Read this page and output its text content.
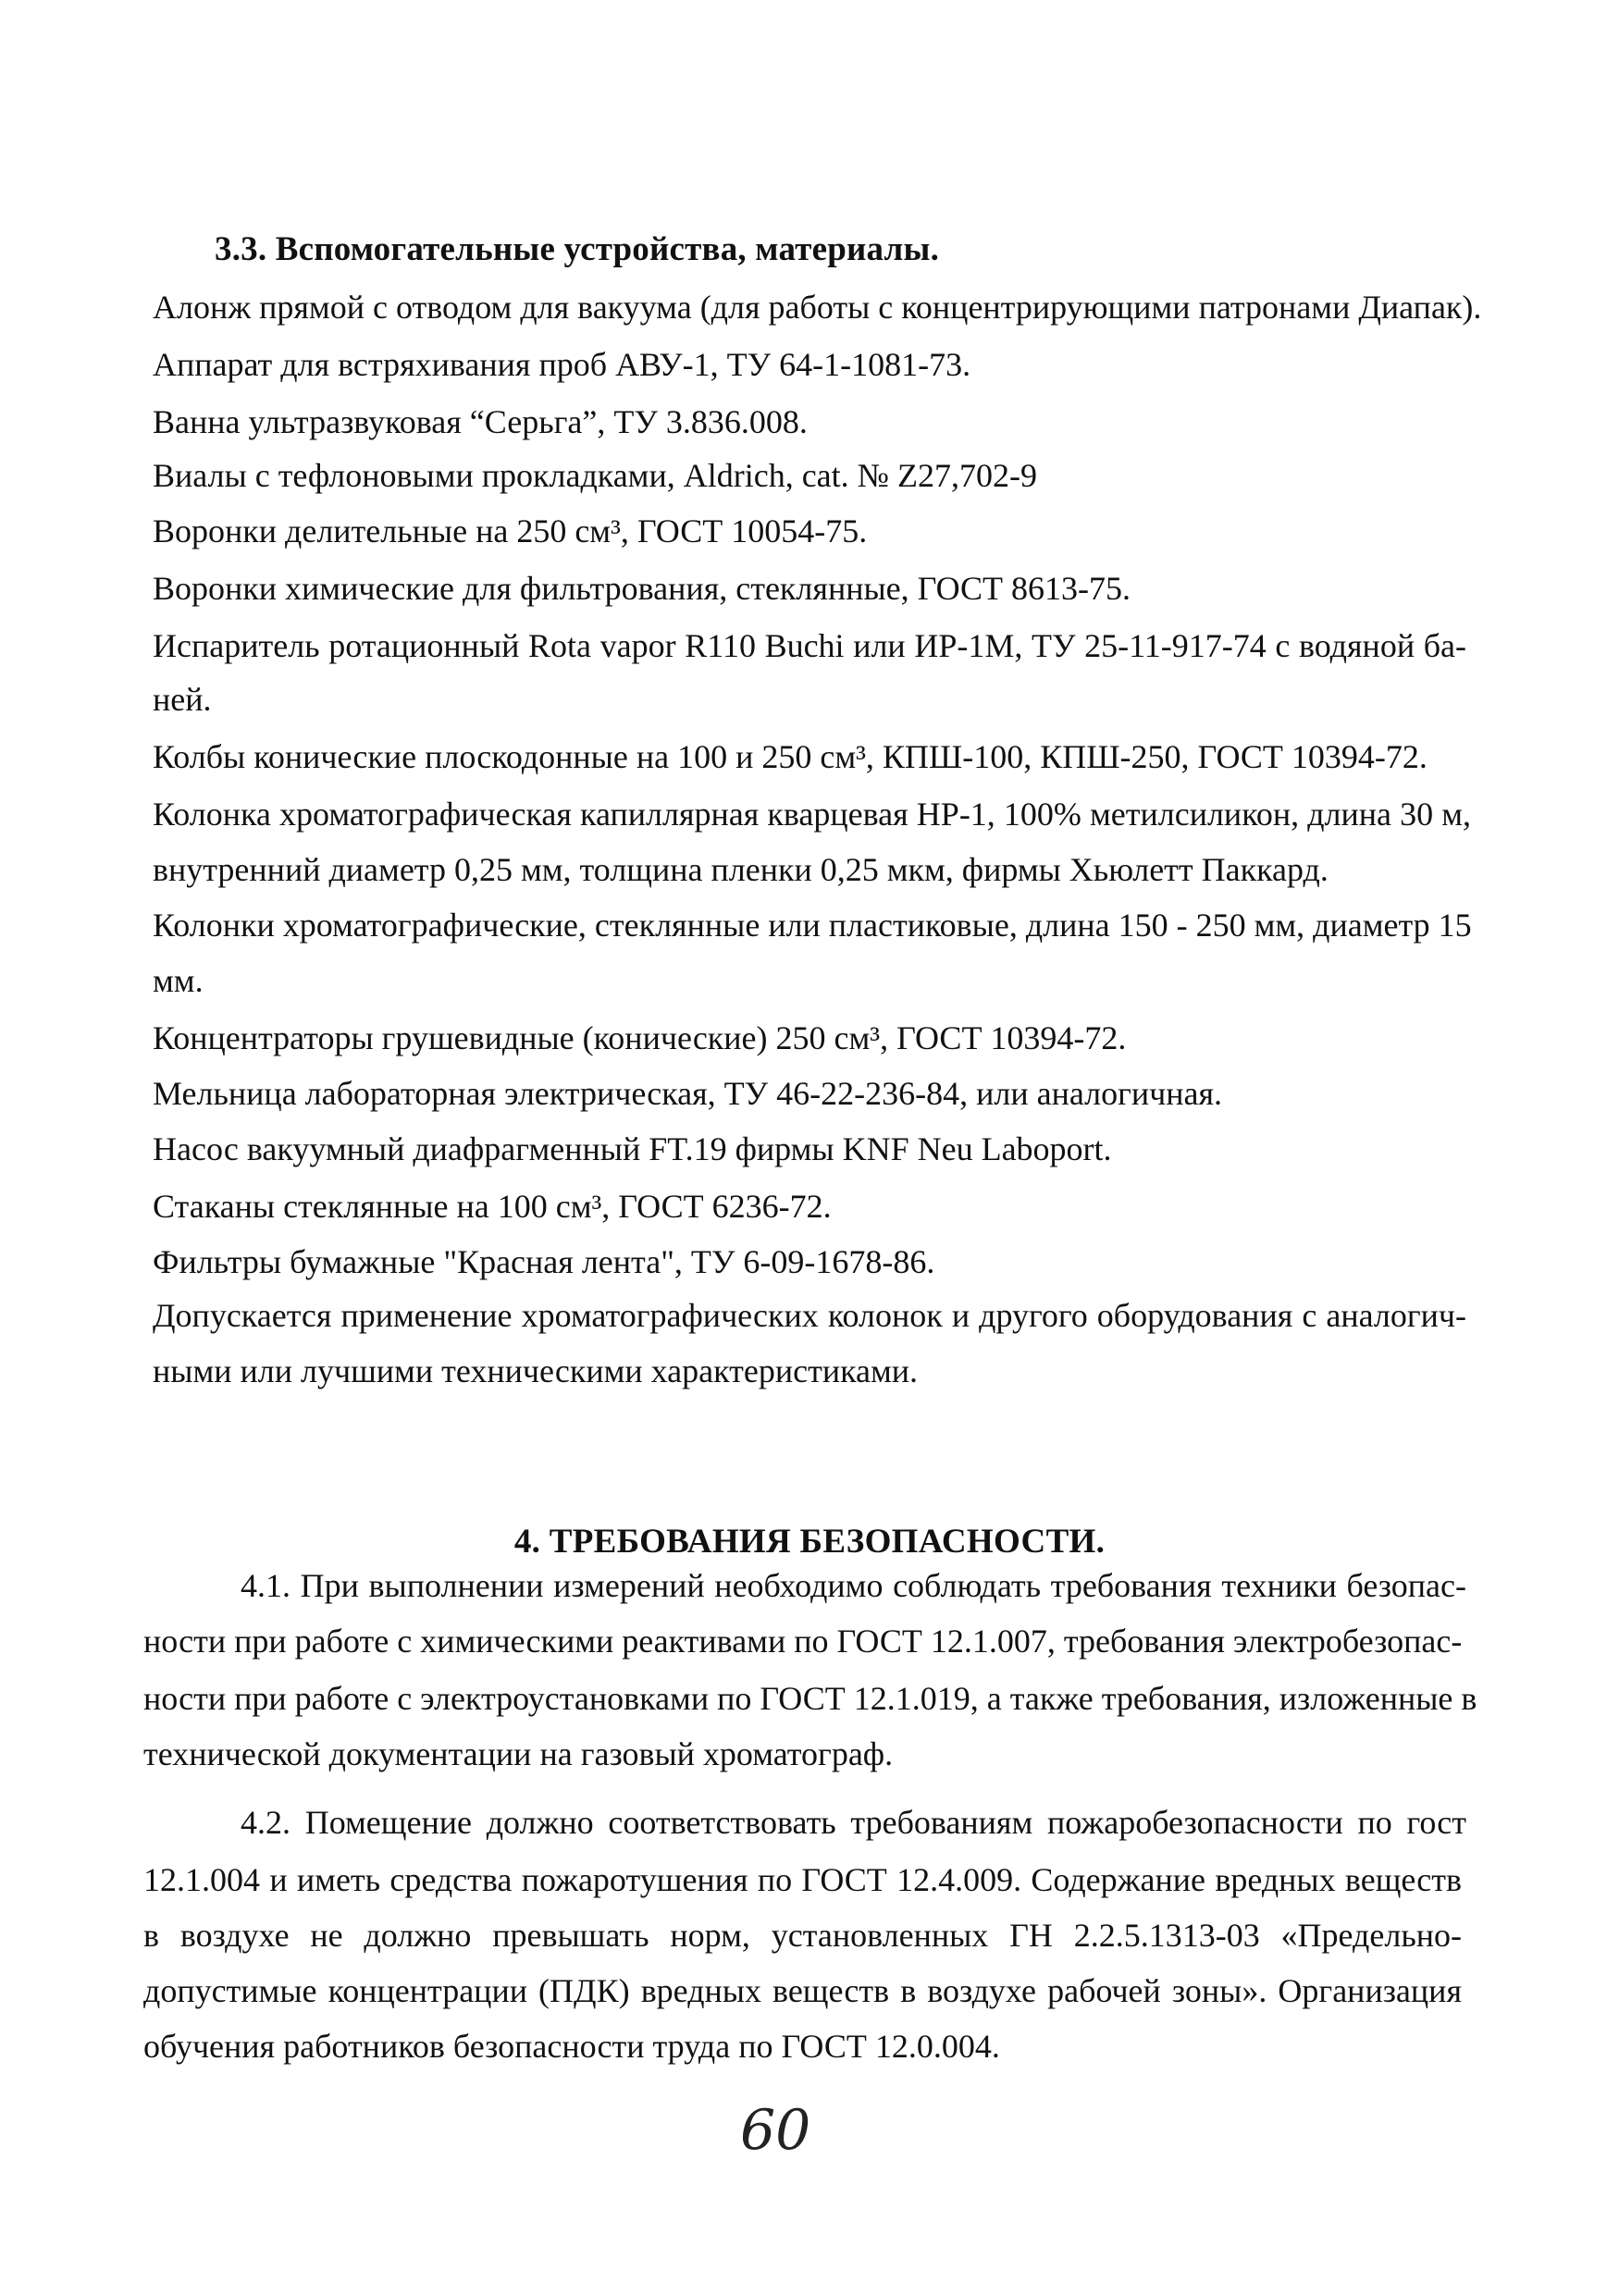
3.3. Вспомогательные устройства, материалы.
Алонж прямой с отводом для вакуума (для работы с концентрирующими патронами Диапак).
Аппарат для встряхивания проб АВУ-1, ТУ 64-1-1081-73.
Ванна ультразвуковая “Серьга”, ТУ 3.836.008.
Виалы с тефлоновыми прокладками, Aldrich, cat. № Z27,702-9
Воронки делительные на 250 см³, ГОСТ 10054-75.
Воронки химические для фильтрования, стеклянные, ГОСТ 8613-75.
Испаритель ротационный Rota vapor R110 Buchi или ИР-1М, ТУ 25-11-917-74 с водяной ба-
ней.
Колбы конические плоскодонные на 100 и 250 см³, КПШ-100, КПШ-250, ГОСТ 10394-72.
Колонка хроматографическая капиллярная кварцевая HP-1, 100% метилсиликон, длина 30 м,
внутренний диаметр 0,25 мм, толщина пленки 0,25 мкм, фирмы Хьюлетт Паккард.
Колонки хроматографические, стеклянные или пластиковые, длина 150 - 250 мм, диаметр 15
мм.
Концентраторы грушевидные (конические) 250 см³, ГОСТ 10394-72.
Мельница лабораторная электрическая, ТУ 46-22-236-84, или аналогичная.
Насос вакуумный диафрагменный FT.19 фирмы KNF Neu Laboport.
Стаканы стеклянные на 100 см³, ГОСТ 6236-72.
Фильтры бумажные "Красная лента", ТУ 6-09-1678-86.
Допускается применение хроматографических колонок и другого оборудования с аналогич-
ными или лучшими техническими характеристиками.
4. ТРЕБОВАНИЯ БЕЗОПАСНОСТИ.
4.1. При выполнении измерений необходимо соблюдать требования техники безопас-
ности при работе с химическими реактивами по ГОСТ 12.1.007, требования электробезопас-
ности при работе с электроустановками по ГОСТ 12.1.019, а также требования, изложенные в
технической документации на газовый хроматограф.
4.2. Помещение должно соответствовать требованиям пожаробезопасности по гост
12.1.004 и иметь средства пожаротушения по ГОСТ 12.4.009. Содержание вредных веществ
в воздухе не должно превышать норм, установленных ГН 2.2.5.1313-03 «Предельно-
допустимые концентрации (ПДК) вредных веществ в воздухе рабочей зоны». Организация
обучения работников безопасности труда по ГОСТ 12.0.004.
60
